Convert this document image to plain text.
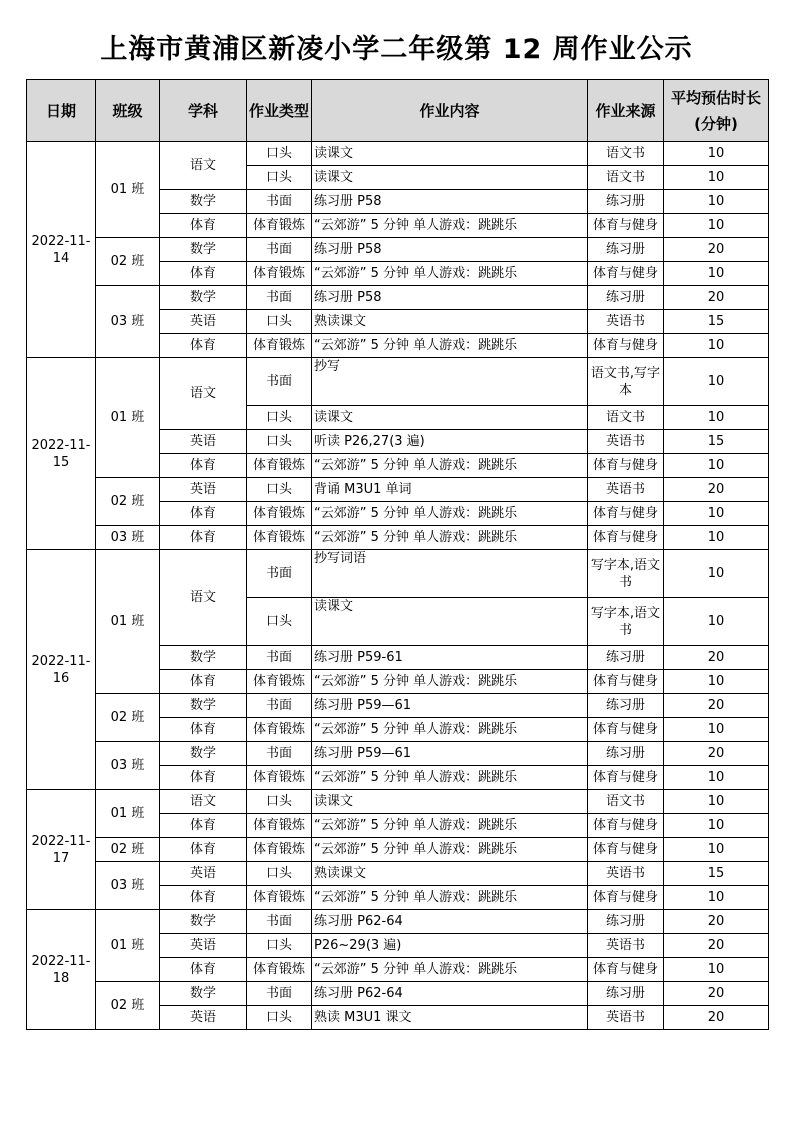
上海市黄浦区新凌小学二年级第 12 周作业公示
日期	班级	学科	作业类型	作业内容	作业来源	平均预估时长(分钟)
2022-11-14	01 班	语文	口头	读课文	语文书	10
			口头	读课文	语文书	10
		数学	书面	练习册 P58	练习册	10
		体育	体育锻炼	“云郊游” 5 分钟 单人游戏：跳跳乐	体育与健身	10
	02 班	数学	书面	练习册 P58	练习册	20
		体育	体育锻炼	“云郊游” 5 分钟 单人游戏：跳跳乐	体育与健身	10
	03 班	数学	书面	练习册 P58	练习册	20
		英语	口头	熟读课文	英语书	15
		体育	体育锻炼	“云郊游” 5 分钟 单人游戏：跳跳乐	体育与健身	10
2022-11-15	01 班	语文	书面	抄写	语文书,写字本	10
			口头	读课文	语文书	10
		英语	口头	听读 P26,27(3 遍)	英语书	15
		体育	体育锻炼	“云郊游” 5 分钟 单人游戏：跳跳乐	体育与健身	10
	02 班	英语	口头	背诵 M3U1 单词	英语书	20
		体育	体育锻炼	“云郊游” 5 分钟 单人游戏：跳跳乐	体育与健身	10
	03 班	体育	体育锻炼	“云郊游” 5 分钟 单人游戏：跳跳乐	体育与健身	10
2022-11-16	01 班	语文	书面	抄写词语	写字本,语文书	10
			口头	读课文	写字本,语文书	10
		数学	书面	练习册 P59-61	练习册	20
		体育	体育锻炼	“云郊游” 5 分钟 单人游戏：跳跳乐	体育与健身	10
	02 班	数学	书面	练习册 P59—61	练习册	20
		体育	体育锻炼	“云郊游” 5 分钟 单人游戏：跳跳乐	体育与健身	10
	03 班	数学	书面	练习册 P59—61	练习册	20
		体育	体育锻炼	“云郊游” 5 分钟 单人游戏：跳跳乐	体育与健身	10
2022-11-17	01 班	语文	口头	读课文	语文书	10
		体育	体育锻炼	“云郊游” 5 分钟 单人游戏：跳跳乐	体育与健身	10
	02 班	体育	体育锻炼	“云郊游” 5 分钟 单人游戏：跳跳乐	体育与健身	10
	03 班	英语	口头	熟读课文	英语书	15
		体育	体育锻炼	“云郊游” 5 分钟 单人游戏：跳跳乐	体育与健身	10
2022-11-18	01 班	数学	书面	练习册 P62-64	练习册	20
		英语	口头	P26~29(3 遍)	英语书	20
		体育	体育锻炼	“云郊游” 5 分钟 单人游戏：跳跳乐	体育与健身	10
	02 班	数学	书面	练习册 P62-64	练习册	20
		英语	口头	熟读 M3U1 课文	英语书	20
